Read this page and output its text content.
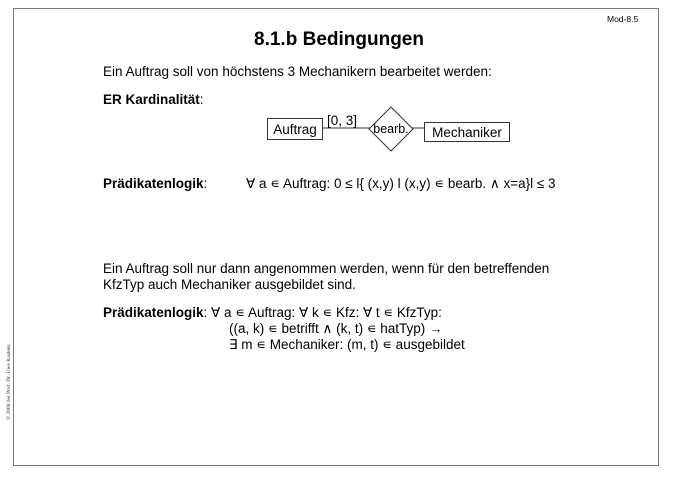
Mod-8.5
8.1.b Bedingungen
Ein Auftrag soll von höchstens 3 Mechanikern bearbeitet werden:
ER Kardinalität:
Auftrag	Mechaniker
bearb.
[0, 3]
Prädikatenlogik:	∀ a ∊ Auftrag: 0 ≤ l{ (x,y) l (x,y) ∊ bearb. ∧ x=a}l ≤ 3
Ein Auftrag soll nur dann angenommen werden, wenn für den betreffenden
KfzTyp auch Mechaniker ausgebildet sind.
Prädikatenlogik: ∀ a ∊ Auftrag: ∀ k ∊ Kfz: ∀ t ∊ KfzTyp:
((a, k) ∊ betrifft ∧ (k, t) ∊ hatTyp) →
∃ m ∊ Mechaniker: (m, t) ∊ ausgebildet
© 2008 bei Prof. Dr. Uwe Kastens
